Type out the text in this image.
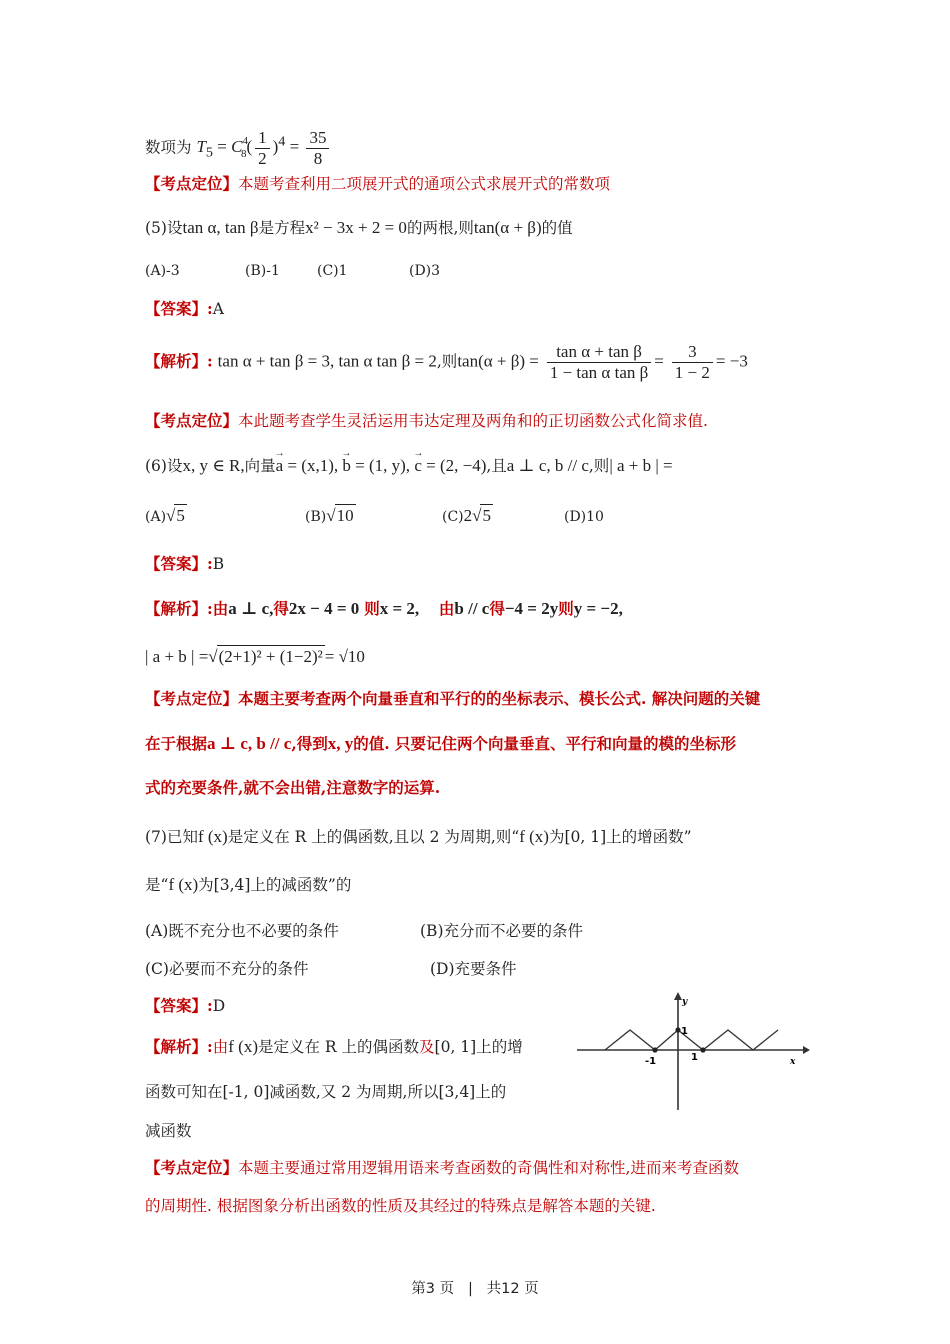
数项为 $T_5 = C^4_8( \frac{1}{2} )^4 = \frac{35}{8}$
【考点定位】本题考查利用二项展开式的通项公式求展开式的常数项
(5)设tan α, tan β是方程x² − 3x + 2 = 0的两根,则tan(α + β)的值
(A)-3	(B)-1	(C)1	(D)3
【答案】:A
【解析】: tan α + tan β = 3, tan α tan β = 2,则$\tan(\alpha + \beta) = \frac{\text{tan α + tan β}}{\text{1 − tan α tan β}} = \frac{3}{1 - 2} = -3$
【考点定位】本此题考查学生灵活运用韦达定理及两角和的正切函数公式化简求值.
(6)设x, y ∈ R,向量→ a = (x,1), → b = (1, y), → c = (2, −4),且a ⊥ c, b // c,则| a + b | =
(A)√5	(B)√10	(C)2√5	(D)10
【答案】:B
【解析】:由a ⊥ c,得2x − 4 = 0 则x = 2, 由b // c得−4 = 2y则y = −2,
| a + b | =√(2+1)² + (1−2)² = √10
【考点定位】本题主要考查两个向量垂直和平行的的坐标表示、模长公式. 解决问题的关键
在于根据a ⊥ c, b // c,得到x, y的值. 只要记住两个向量垂直、平行和向量的模的坐标形
式的充要条件,就不会出错,注意数字的运算.
(7)已知f (x)是定义在 R 上的偶函数,且以 2 为周期,则“f (x)为[0, 1]上的增函数”
是“f (x)为[3,4]上的减函数”的
(A)既不充分也不必要的条件	(B)充分而不必要的条件
(C)必要而不充分的条件	(D)充要条件
【答案】:D
【解析】:由f (x)是定义在 R 上的偶函数及[0, 1]上的增
函数可知在[-1, 0]减函数,又 2 为周期,所以[3,4]上的
减函数
【考点定位】本题主要通过常用逻辑用语来考查函数的奇偶性和对称性,进而来考查函数
的周期性. 根据图象分析出函数的性质及其经过的特殊点是解答本题的关键.
y
x
1
-1	1
第3 页 | 共12 页
